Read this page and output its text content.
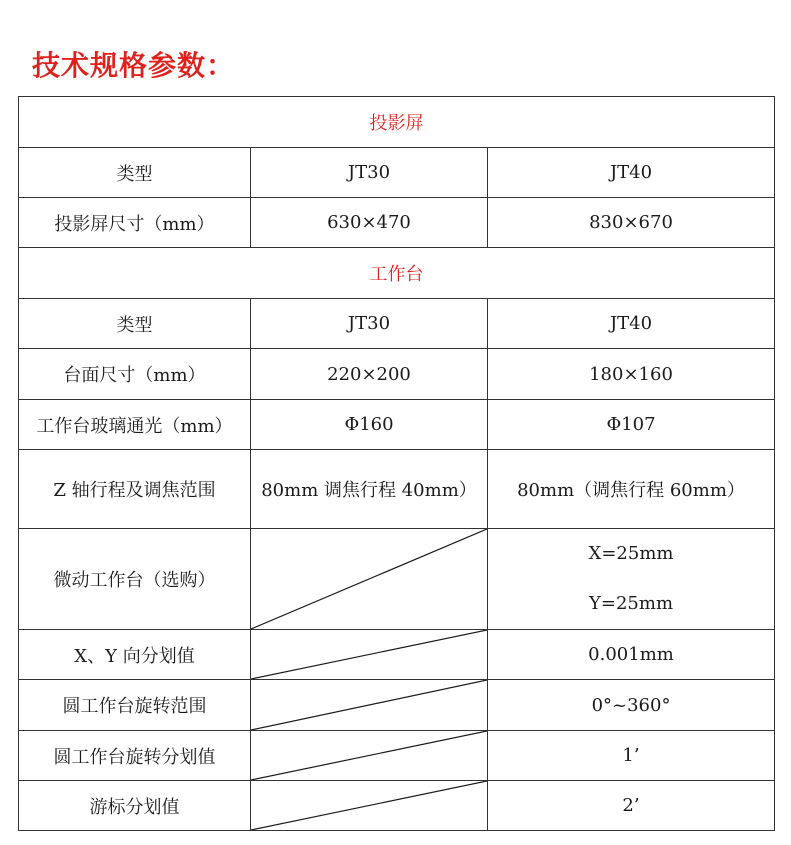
技术规格参数：
投影屏		
类型	JT30	JT40
投影屏尺寸（mm）	630×470	830×670
工作台		
类型	JT30	JT40
台面尺寸（mm）	220×200	180×160
工作台玻璃通光（mm）	Φ160	Φ107
Z 轴行程及调焦范围	80mm 调焦行程 40mm）	80mm（调焦行程 60mm）
微动工作台（选购）		X=25mm
Y=25mm

X、Y 向分划值		0.001mm
圆工作台旋转范围		0°~360°
圆工作台旋转分划值		1’
游标分划值		2’
